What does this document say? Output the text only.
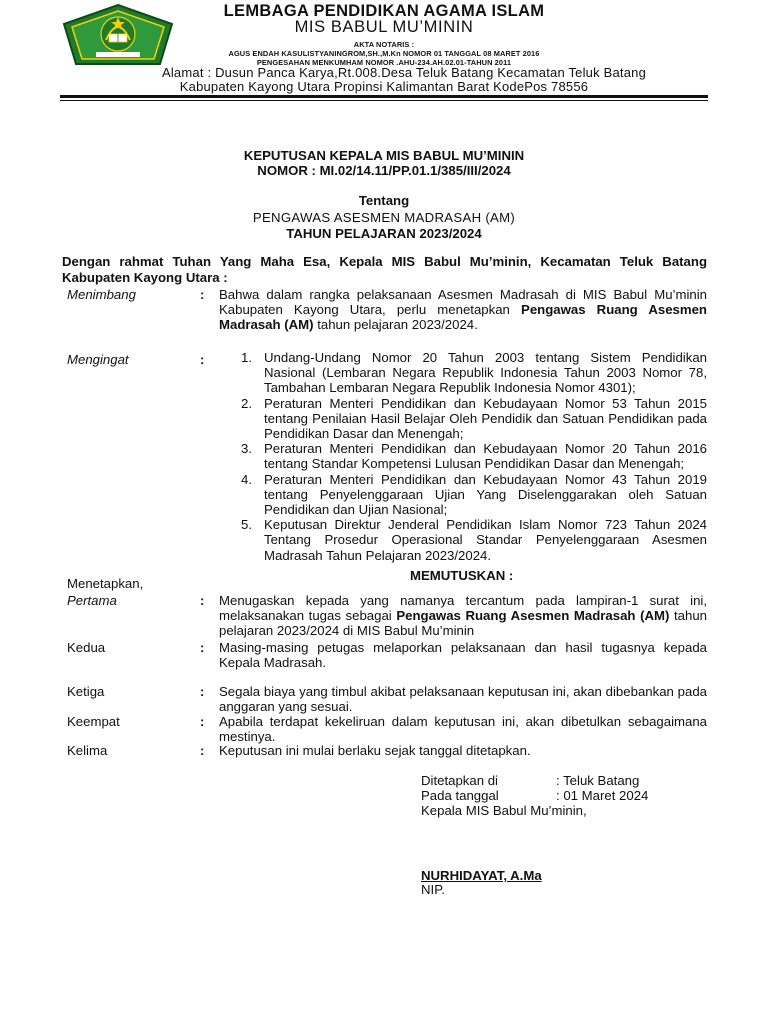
LEMBAGA PENDIDIKAN AGAMA ISLAM
MIS BABUL MU’MININ
AKTA NOTARIS :
AGUS ENDAH KASULISTYANINGROM,SH.,M.Kn NOMOR 01 TANGGAL 08 MARET 2016
PENGESAHAN MENKUMHAM NOMOR .AHU-234.AH.02.01-TAHUN 2011
Alamat : Dusun Panca Karya,Rt.008.Desa Teluk Batang Kecamatan Teluk Batang
Kabupaten Kayong Utara Propinsi Kalimantan Barat KodePos 78556
KEPUTUSAN KEPALA MIS BABUL MU’MININ
NOMOR : MI.02/14.11/PP.01.1/385/III/2024
Tentang
PENGAWAS ASESMEN MADRASAH (AM)
TAHUN PELAJARAN 2023/2024
Dengan rahmat Tuhan Yang Maha Esa, Kepala MIS Babul Mu’minin, Kecamatan Teluk Batang Kabupaten Kayong Utara :
Menimbang	: Bahwa dalam rangka pelaksanaan Asesmen Madrasah di MIS Babul Mu’minin Kabupaten Kayong Utara, perlu menetapkan Pengawas Ruang Asesmen Madrasah (AM) tahun pelajaran 2023/2024.
Mengingat	:	1. Undang-Undang Nomor 20 Tahun 2003 tentang Sistem Pendidikan Nasional (Lembaran Negara Republik Indonesia Tahun 2003 Nomor 78, Tambahan Lembaran Negara Republik Indonesia Nomor 4301);
2. Peraturan Menteri Pendidikan dan Kebudayaan Nomor 53 Tahun 2015 tentang Penilaian Hasil Belajar Oleh Pendidik dan Satuan Pendidikan pada Pendidikan Dasar dan Menengah;
3. Peraturan Menteri Pendidikan dan Kebudayaan Nomor 20 Tahun 2016 tentang Standar Kompetensi Lulusan Pendidikan Dasar dan Menengah;
4. Peraturan Menteri Pendidikan dan Kebudayaan Nomor 43 Tahun 2019 tentang Penyelenggaraan Ujian Yang Diselenggarakan oleh Satuan Pendidikan dan Ujian Nasional;
5. Keputusan Direktur Jenderal Pendidikan Islam Nomor 723 Tahun 2024 Tentang Prosedur Operasional Standar Penyelenggaraan Asesmen Madrasah Tahun Pelajaran 2023/2024.
MEMUTUSKAN :
Menetapkan,
Pertama	: Menugaskan kepada yang namanya tercantum pada lampiran-1 surat ini, melaksanakan tugas sebagai Pengawas Ruang Asesmen Madrasah (AM) tahun pelajaran 2023/2024 di MIS Babul Mu’minin
Kedua	: Masing-masing petugas melaporkan pelaksanaan dan hasil tugasnya kepada Kepala Madrasah.
Ketiga	: Segala biaya yang timbul akibat pelaksanaan keputusan ini, akan dibebankan pada anggaran yang sesuai.
Keempat	: Apabila terdapat kekeliruan dalam keputusan ini, akan dibetulkan sebagaimana mestinya.
Kelima	: Keputusan ini mulai berlaku sejak tanggal ditetapkan.
Ditetapkan di	: Teluk Batang
Pada tanggal	: 01 Maret 2024
Kepala MIS Babul Mu’minin,
NURHIDAYAT, A.Ma
NIP.
